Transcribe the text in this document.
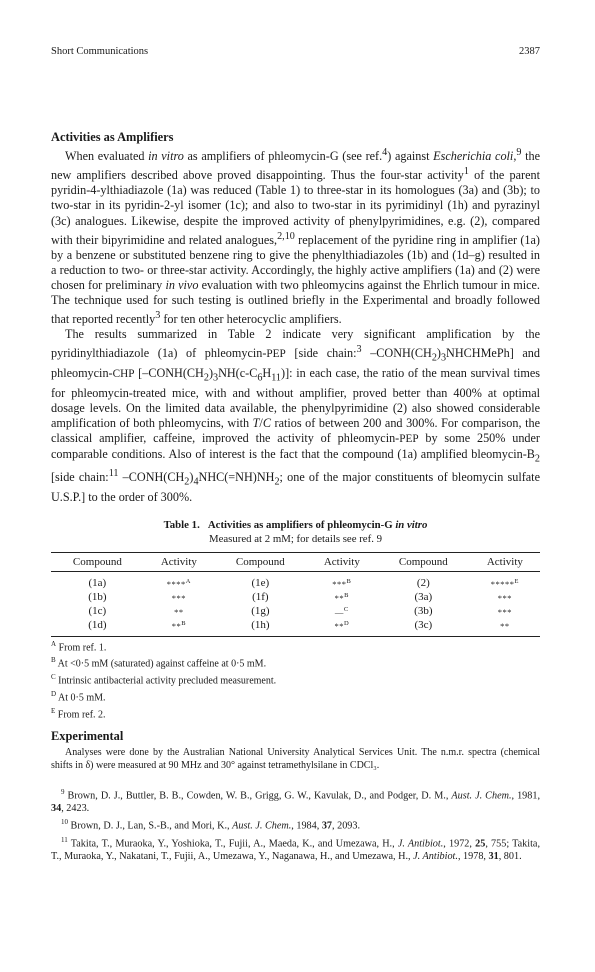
Short Communications	2387
Activities as Amplifiers

When evaluated in vitro as amplifiers of phleomycin-G (see ref.$^4$) against Escherichia coli,$^9$ the new amplifiers described above proved disappointing. Thus the four-star activity$^1$ of the parent pyridin-4-ylthiadiazole (1a) was reduced (Table 1) to three-star in its homologues (3a) and (3b); to two-star in its pyridin-2-yl isomer (1c); and also to two-star in its pyrimidinyl (1h) and pyrazinyl (3c) analogues. Likewise, despite the improved activity of phenylpyrimidines, e.g. (2), compared with their bipyrimidine and related analogues,$^{2,10}$ replacement of the pyridine ring in amplifier (1a) by a benzene or substituted benzene ring to give the phenylthiadiazoles (1b) and (1d–g) resulted in a reduction to two- or three-star activity. Accordingly, the highly active amplifiers (1a) and (2) were chosen for preliminary in vivo evaluation with two phleomycins against the Ehrlich tumour in mice. The technique used for such testing is outlined briefly in the Experimental and broadly followed that reported recently$^3$ for ten other heterocyclic amplifiers.

The results summarized in Table 2 indicate very significant amplification by the pyridinylthiadiazole (1a) of phleomycin-PEP [side chain:$^3$ $-CONH(CH_2)_3NHCHMePh$] and phleomycin-CHP $[-CONH(CH_2)_3NH(c-C_6H_{11})]$: in each case, the ratio of the mean survival times for phleomycin-treated mice, with and without amplifier, proved better than 400% at optimal dosage levels. On the limited data available, the phenylpyrimidine (2) also showed considerable amplification of both phleomycins, with T/C ratios of between 200 and 300%. For comparison, the classical amplifier, caffeine, improved the activity of phleomycin-PEP by some 250% under comparable conditions. Also of interest is the fact that the compound (1a) amplified bleomycin-$B_2$ [side chain:$^{11}$ $-CONH(CH_2)_4NHC(=NH)NH_2$; one of the major constituents of bleomycin sulfate U.S.P.] to the order of 300%.

Table 1. Activities as amplifiers of phleomycin-G in vitro
Measured at 2 mM; for details see ref. 9
Compound	Activity	Compound	Activity	Compound	Activity
(1a)	****$^A$	(1e)	***$^B$	(2)	*****$^E$
(1b)	***	(1f)	**$^B$	(3a)	***
(1c)	**	(1g)	—$^C$	(3b)	***
(1d)	**$^B$	(1h)	**$^D$	(3c)	**
$^A$ From ref. 1.
$^B$ At <0·5 mM (saturated) against caffeine at 0·5 mM.
$^C$ Intrinsic antibacterial activity precluded measurement.
$^D$ At 0·5 mM.
$^E$ From ref. 2.
Experimental

Analyses were done by the Australian National University Analytical Services Unit. The n.m.r. spectra (chemical shifts in δ) were measured at 90 MHz and 30° against tetramethylsilane in CDCl₃.

$^9$ Brown, D. J., Buttler, B. B., Cowden, W. B., Grigg, G. W., Kavulak, D., and Podger, D. M., Aust. J. Chem., 1981, 34, 2423.

$^{10}$ Brown, D. J., Lan, S.-B., and Mori, K., Aust. J. Chem., 1984, 37, 2093.

$^{11}$ Takita, T., Muraoka, Y., Yoshioka, T., Fujii, A., Maeda, K., and Umezawa, H., J. Antibiot., 1972, 25, 755; Takita, T., Muraoka, Y., Nakatani, T., Fujii, A., Umezawa, Y., Naganawa, H., and Umezawa, H., J. Antibiot., 1978, 31, 801.
